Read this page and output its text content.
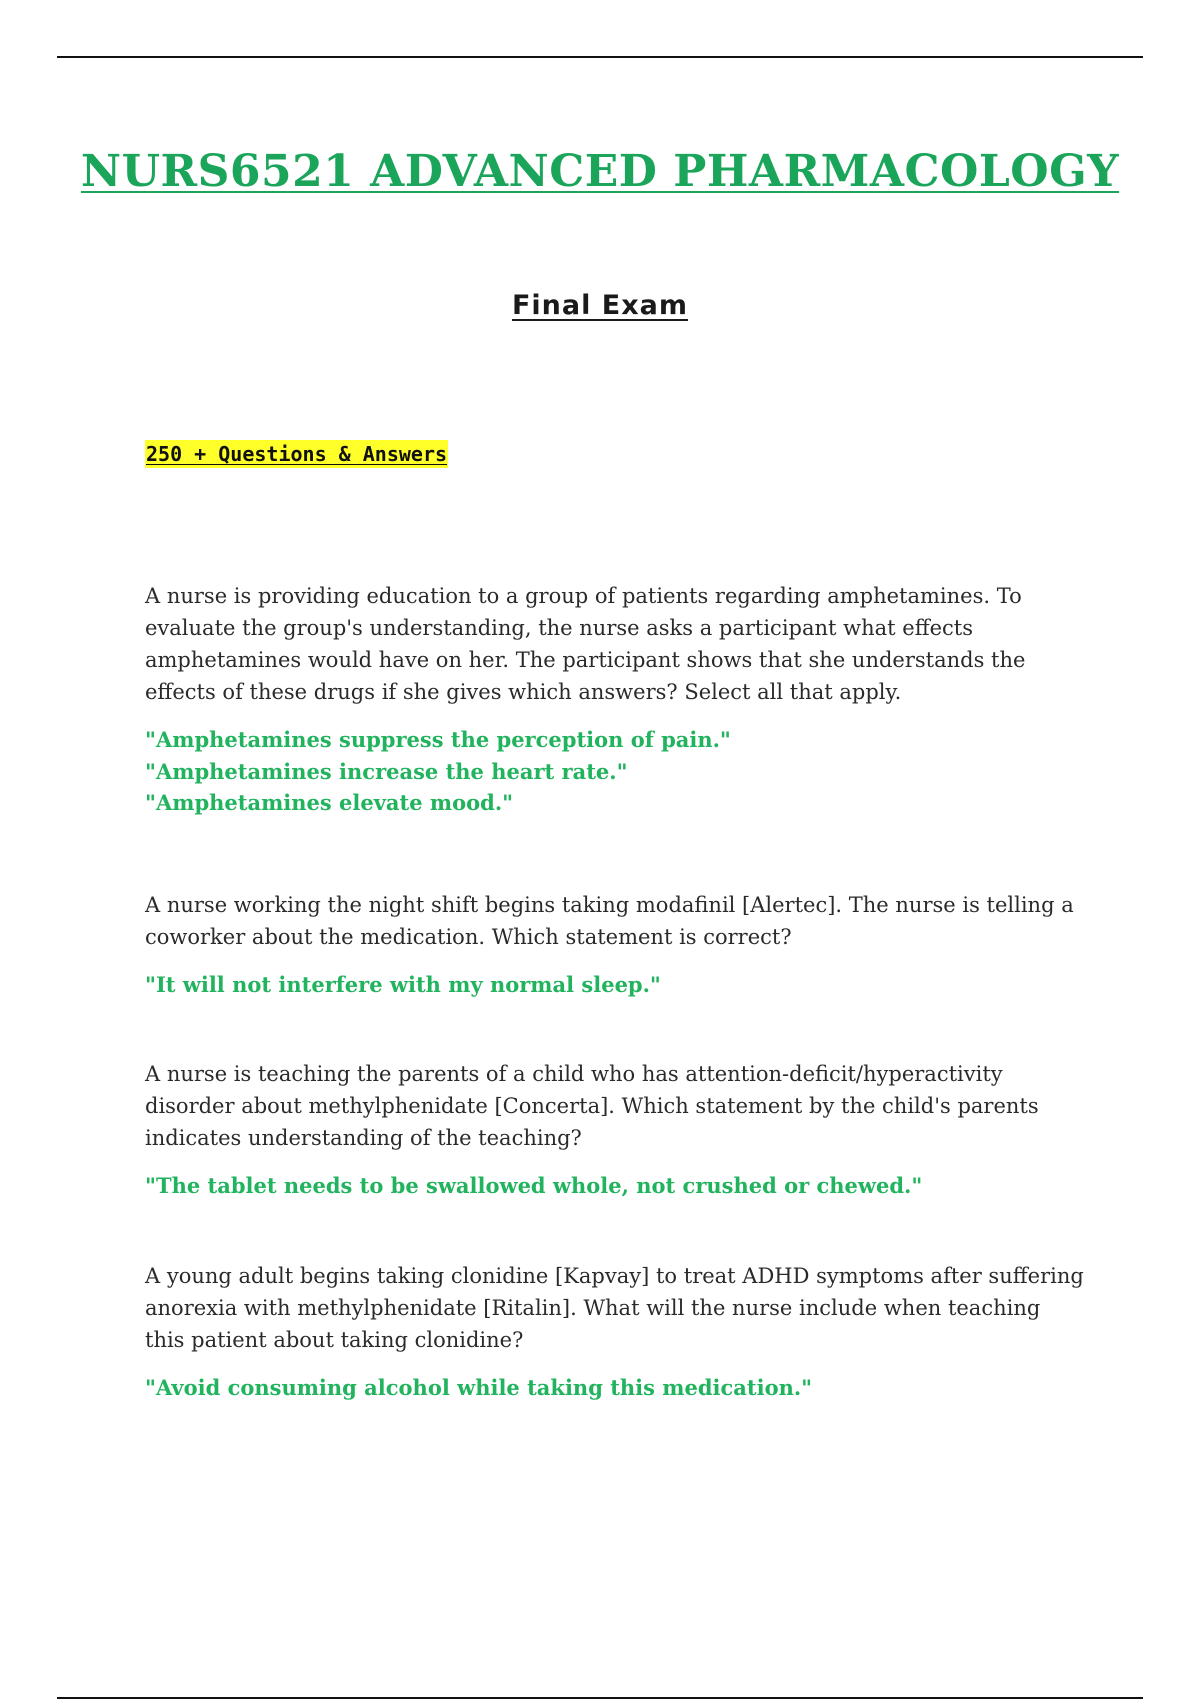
NURS6521 ADVANCED PHARMACOLOGY
Final Exam

250 + Questions & Answers

A nurse is providing education to a group of patients regarding amphetamines. To evaluate the group's understanding, the nurse asks a participant what effects amphetamines would have on her. The participant shows that she understands the effects of these drugs if she gives which answers? Select all that apply.

"Amphetamines suppress the perception of pain."
"Amphetamines increase the heart rate."
"Amphetamines elevate mood."

A nurse working the night shift begins taking modafinil [Alertec]. The nurse is telling a coworker about the medication. Which statement is correct?

"It will not interfere with my normal sleep."

A nurse is teaching the parents of a child who has attention-deficit/hyperactivity disorder about methylphenidate [Concerta]. Which statement by the child's parents indicates understanding of the teaching?

"The tablet needs to be swallowed whole, not crushed or chewed."

A young adult begins taking clonidine [Kapvay] to treat ADHD symptoms after suffering anorexia with methylphenidate [Ritalin]. What will the nurse include when teaching this patient about taking clonidine?

"Avoid consuming alcohol while taking this medication."
